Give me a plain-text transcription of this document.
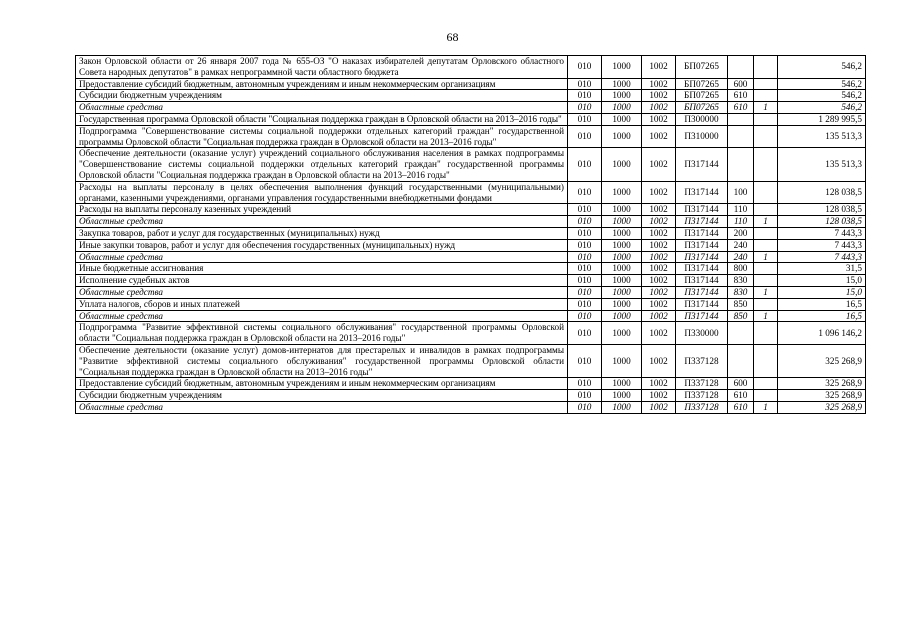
68
Закон Орловской области от 26 января 2007 года № 655-ОЗ "О наказах избирателей депутатам Орловского областного Совета народных депутатов" в рамках непрограммной части областного бюджета	010	1000	1002	БП07265			546,2
Предоставление субсидий бюджетным, автономным учреждениям и иным некоммерческим организациям	010	1000	1002	БП07265	600		546,2
Субсидии бюджетным учреждениям	010	1000	1002	БП07265	610		546,2
Областные средства	010	1000	1002	БП07265	610	1	546,2
Государственная программа Орловской области "Социальная поддержка граждан в Орловской области на 2013–2016 годы"	010	1000	1002	П300000			1 289 995,5
Подпрограмма "Совершенствование системы социальной поддержки отдельных категорий граждан" государственной программы Орловской области "Социальная поддержка граждан в Орловской области на 2013–2016 годы"	010	1000	1002	П310000			135 513,3
Обеспечение деятельности (оказание услуг) учреждений социального обслуживания населения в рамках подпрограммы "Совершенствование системы социальной поддержки отдельных категорий граждан" государственной программы Орловской области "Социальная поддержка граждан в Орловской области на 2013–2016 годы"	010	1000	1002	П317144			135 513,3
Расходы на выплаты персоналу в целях обеспечения выполнения функций государственными (муниципальными) органами, казенными учреждениями, органами управления государственными внебюджетными фондами	010	1000	1002	П317144	100		128 038,5
Расходы на выплаты персоналу казенных учреждений	010	1000	1002	П317144	110		128 038,5
Областные средства	010	1000	1002	П317144	110	1	128 038,5
Закупка товаров, работ и услуг для государственных (муниципальных) нужд	010	1000	1002	П317144	200		7 443,3
Иные закупки товаров, работ и услуг для обеспечения государственных (муниципальных) нужд	010	1000	1002	П317144	240		7 443,3
Областные средства	010	1000	1002	П317144	240	1	7 443,3
Иные бюджетные ассигнования	010	1000	1002	П317144	800		31,5
Исполнение судебных актов	010	1000	1002	П317144	830		15,0
Областные средства	010	1000	1002	П317144	830	1	15,0
Уплата налогов, сборов и иных платежей	010	1000	1002	П317144	850		16,5
Областные средства	010	1000	1002	П317144	850	1	16,5
Подпрограмма "Развитие эффективной системы социального обслуживания" государственной программы Орловской области "Социальная поддержка граждан в Орловской области на 2013–2016 годы"	010	1000	1002	П330000			1 096 146,2
Обеспечение деятельности (оказание услуг) домов-интернатов для престарелых и инвалидов в рамках подпрограммы "Развитие эффективной системы социального обслуживания" государственной программы Орловской области "Социальная поддержка граждан в Орловской области на 2013–2016 годы"	010	1000	1002	П337128			325 268,9
Предоставление субсидий бюджетным, автономным учреждениям и иным некоммерческим организациям	010	1000	1002	П337128	600		325 268,9
Субсидии бюджетным учреждениям	010	1000	1002	П337128	610		325 268,9
Областные средства	010	1000	1002	П337128	610	1	325 268,9
